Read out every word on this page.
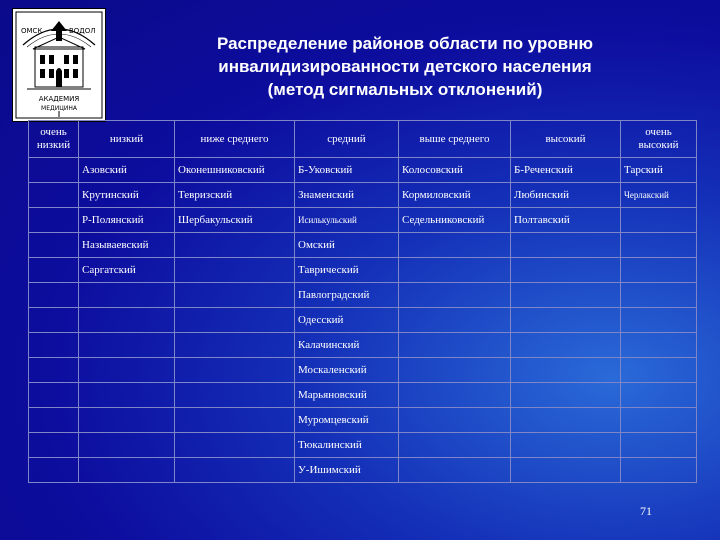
ОМСК	ВОДОЛ
АКАДЕМИЯ
МЕДИЦИНА
Распределение районов области по уровню
инвалидизированности детского населения
(метод сигмальных отклонений)
очень низкий	низкий	ниже среднего	средний	выше среднего	высокий	очень высокий
	Азовский	Оконешниковский	Б-Уковский	Колосовский	Б-Реченский	Тарский
	Крутинский	Тевризский	Знаменский	Кормиловский	Любинский	Черлакский
	Р-Полянский	Шербакульский	Исилькульский	Седельниковский	Полтавский	
	Называевский		Омский			
	Саргатский		Таврический			
			Павлоградский			
			Одесский			
			Калачинский			
			Москаленский			
			Марьяновский			
			Муромцевский			
			Тюкалинский			
			У-Ишимский			
71
